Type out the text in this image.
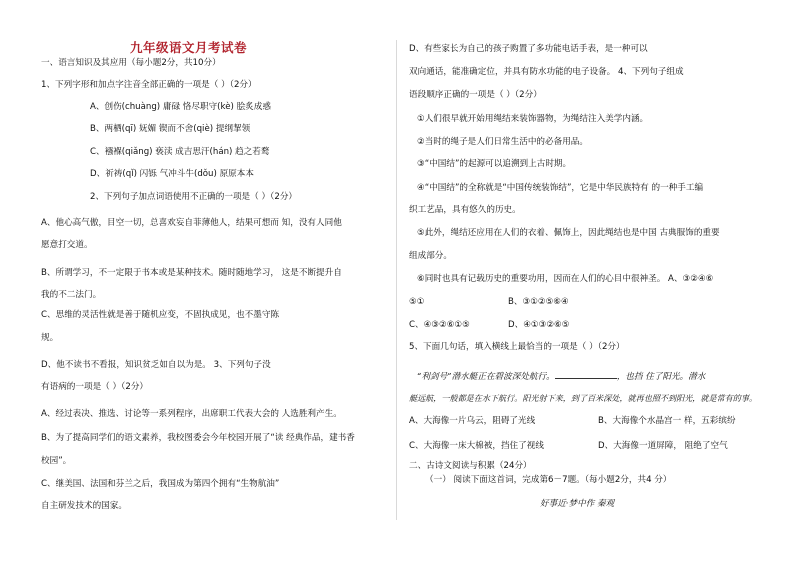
九年级语文月考试卷
一、语言知识及其应用（每小题2分，共10分）
1、下列字形和加点字注音全部正确的一项是（ ）（2分）
A、创伤(chuàng) 庸碌 恪尽职守(kè) 脍炙成惑
B、两栖(qī) 妩媚 锲而不舍(qiè) 提纲挈领
C、襁褓(qiǎng) 亵渎 成吉思汗(hán) 趋之若鹜
D、祈祷(qǐ) 闪铄 气冲斗牛(dǒu) 原原本本
2、下列句子加点词语使用不正确的一项是（ ）（2分）
A、他心高气傲，目空一切，总喜欢妄自菲薄他人，结果可想而 知，没有人同他
愿意打交道。
B、所谓学习，不一定限于书本或是某种技术。随时随地学习， 这是不断提升自
我的不二法门。
C、思维的灵活性就是善于随机应变，不固执成见，也不墨守陈
规。
D、他不读书不看报，知识贫乏如自以为是。 3、下列句子没
有语病的一项是（ ）（2分）
A、经过表决、推选、讨论等一系列程序，出席职工代表大会的 人选胜利产生。
B、为了提高同学们的语文素养，我校图委会今年校园开展了“读 经典作品，建书香
校园”。
C、继美国、法国和芬兰之后，我国成为第四个拥有“生物航油”
自主研发技术的国家。
D、有些家长为自己的孩子购置了多功能电话手表，是一种可以
双向通话，能准确定位，并具有防水功能的电子设备。 4、下列句子组成
语段顺序正确的一项是（ ）（2分）
①人们很早就开始用绳结来装饰器物，为绳结注入美学内涵。
②当时的绳子是人们日常生活中的必备用品。
③“中国结”的起源可以追溯到上古时期。
④“中国结”的全称就是“中国传统装饰结”，它是中华民族特有 的一种手工编
织工艺品，具有悠久的历史。
⑤此外，绳结还应用在人们的衣着、佩饰上，因此绳结也是中国 古典服饰的重要
组成部分。
⑥同时也具有记载历史的重要功用，因而在人们的心目中很神圣。 A、③②④⑥
⑤①	B、③①②⑤⑥④
C、④③②⑥①⑤	D、④①③②⑥⑤
5、下面几句话，填入横线上最恰当的一项是（ ）（2分）
“利剑号”潜水艇正在碧波深处航行。	，也挡 住了阳光。潜水
艇远航，一般都是在水下航行。阳光射下来，到了百米深处，就再也照不到阳光，就是常有的事。
A、大海像一片乌云，阻碍了光线	B、大海像个水晶宫一 样，五彩缤纷
C、大海像一床大棉被，挡住了视线	D、大海像一道屏障， 阻绝了空气
二、古诗文阅读与积累（24分）
（一） 阅读下面这首词，完成第6－7题。（每小题2分，共4 分）
好事近·梦中作 秦观
